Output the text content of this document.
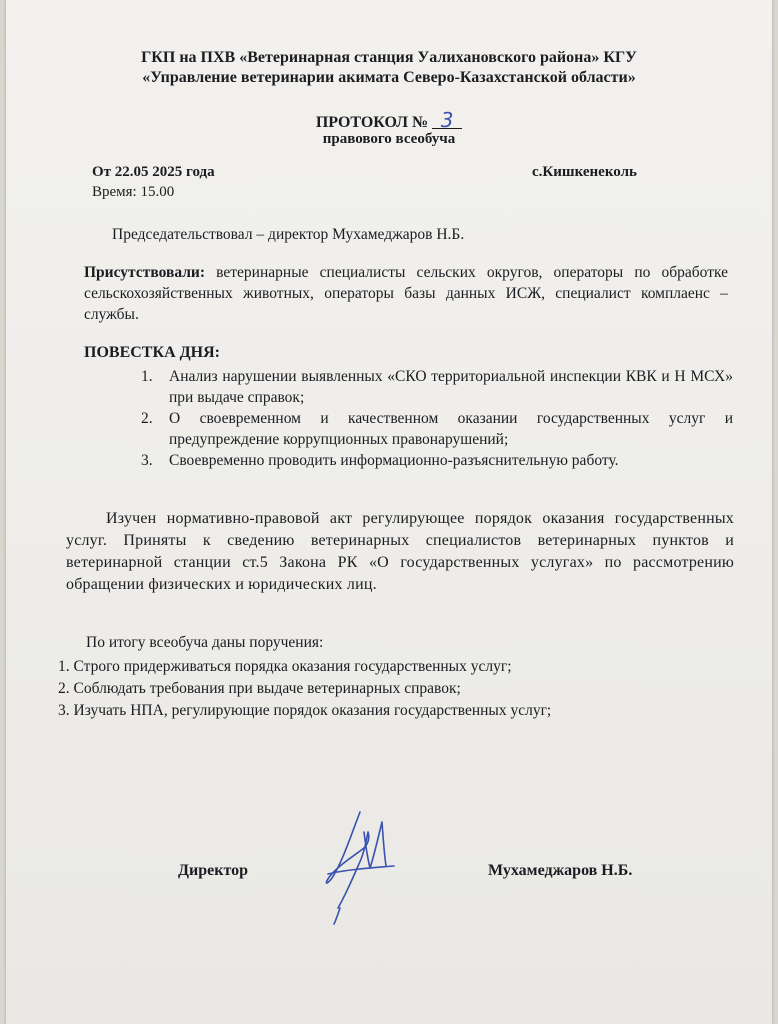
ГКП на ПХВ «Ветеринарная станция Уалихановского района» КГУ
«Управление ветеринарии акимата Северо-Казахстанской области»
ПРОТОКОЛ № 3
правового всеобуча
От 22.05 2025 года	с.Кишкенеколь
Время: 15.00
Председательствовал – директор Мухамеджаров Н.Б.
Присутствовали: ветеринарные специалисты сельских округов, операторы по обработке сельскохозяйственных животных, операторы базы данных ИСЖ, специалист комплаенс – службы.
ПОВЕСТКА ДНЯ:
1. Анализ нарушении выявленных «СКО территориальной инспекции КВК и Н МСХ» при выдаче справок;
2. О своевременном и качественном оказании государственных услуг и предупреждение коррупционных правонарушений;
3. Своевременно проводить информационно-разъяснительную работу.
Изучен нормативно-правовой акт регулирующее порядок оказания государственных услуг. Приняты к сведению ветеринарных специалистов ветеринарных пунктов и ветеринарной станции ст.5 Закона РК «О государственных услугах» по рассмотрению обращении физических и юридических лиц.
По итогу всеобуча даны поручения:
1. Строго придерживаться порядка оказания государственных услуг;
2. Соблюдать требования при выдаче ветеринарных справок;
3. Изучать НПА, регулирующие порядок оказания государственных услуг;
Директор	Мухамеджаров Н.Б.
